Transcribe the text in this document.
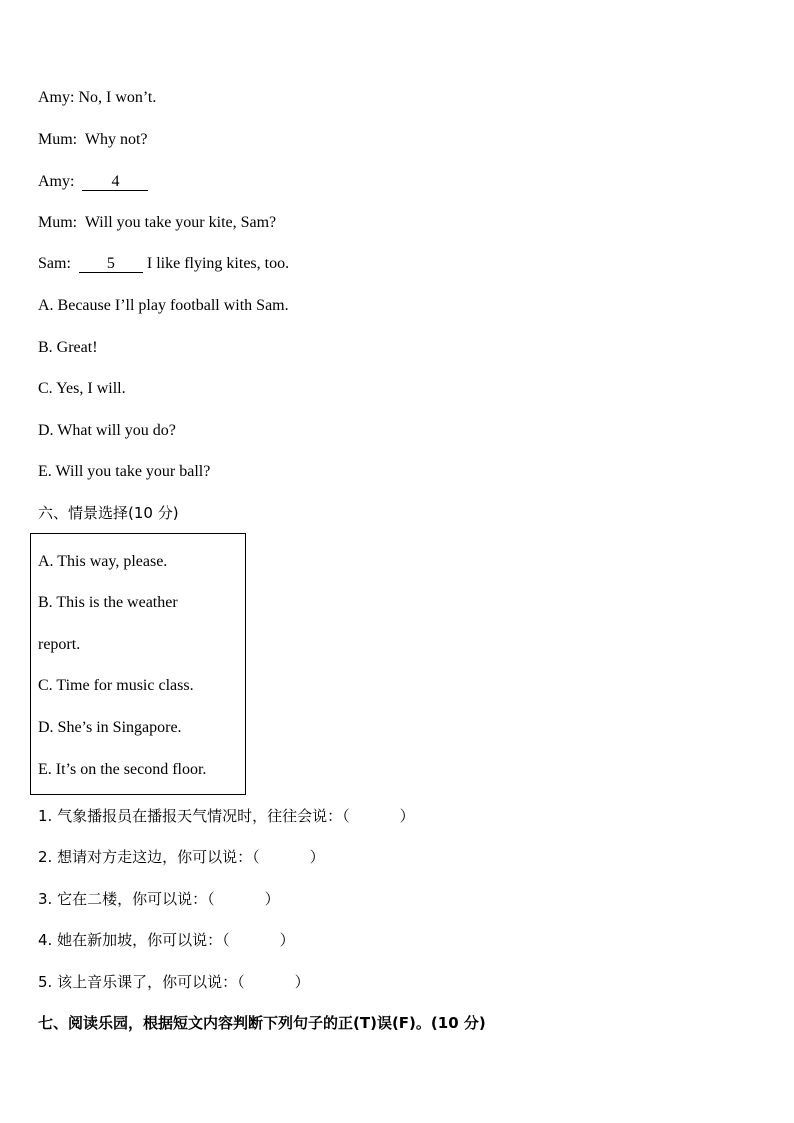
Amy: No, I won’t.
Mum: Why not?
Amy: 4
Mum: Will you take your kite, Sam?
Sam: 5 I like flying kites, too.
A. Because I’ll play football with Sam.
B. Great!
C. Yes, I will.
D. What will you do?
E. Will you take your ball?
六、情景选择(10 分)
A. This way, please.
B. This is the weather
report.
C. Time for music class.
D. She’s in Singapore.
E. It’s on the second floor.
1. 气象播报员在播报天气情况时，往往会说：（	）
2. 想请对方走这边，你可以说：（	）
3. 它在二楼，你可以说：（	）
4. 她在新加坡，你可以说：（	）
5. 该上音乐课了，你可以说：（	）
七、阅读乐园，根据短文内容判断下列句子的正(T)误(F)。(10 分)
